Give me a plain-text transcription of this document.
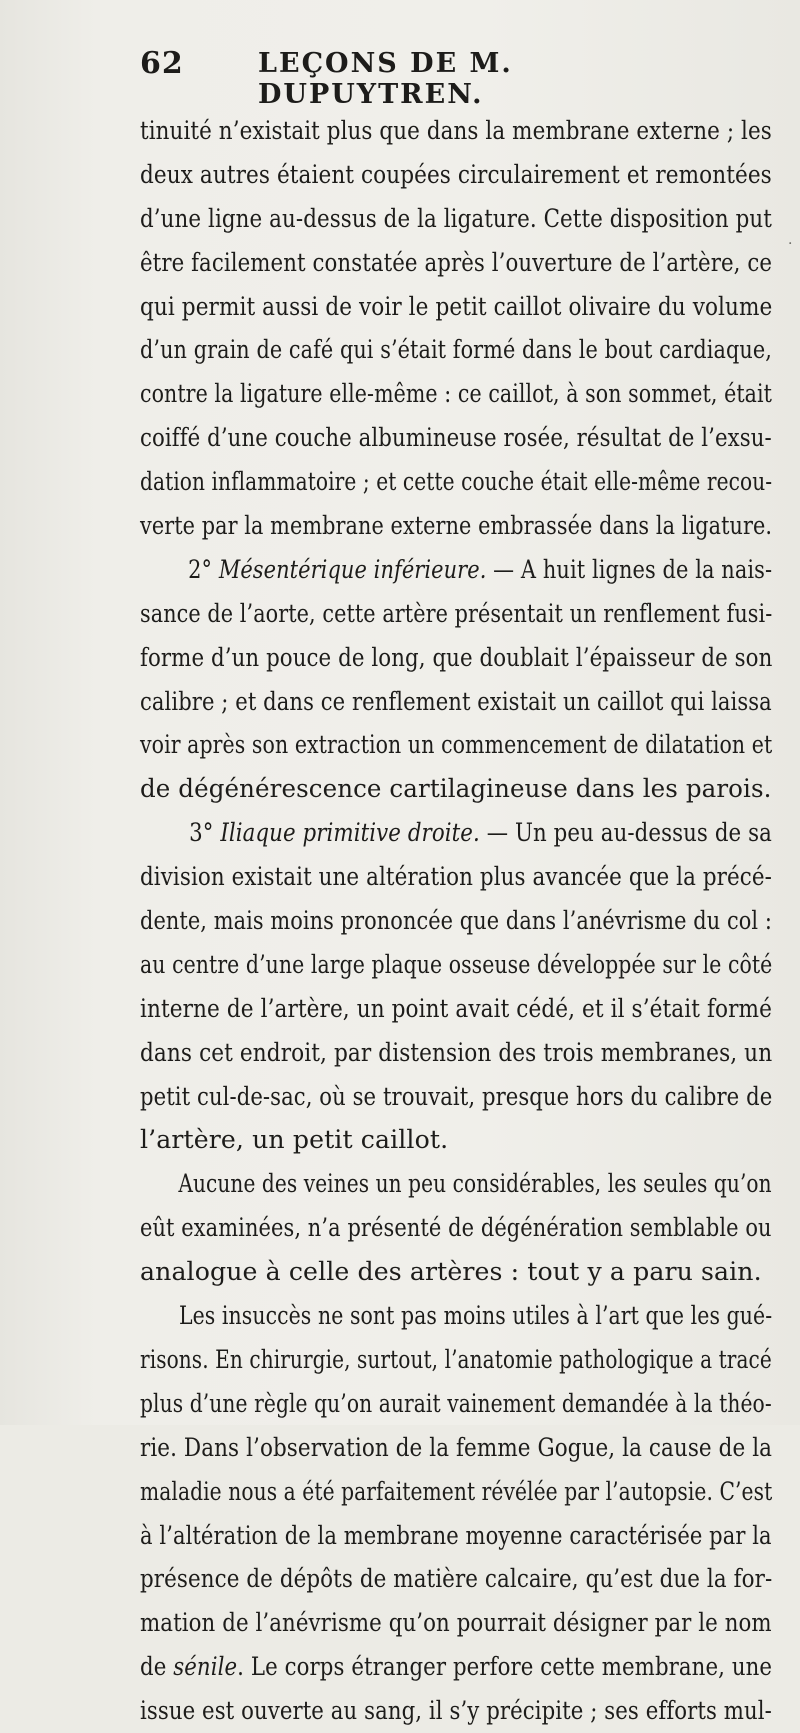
62	LEÇONS DE M. DUPUYTREN.
tinuité n’existait plus que dans la membrane externe ; les
deux autres étaient coupées circulairement et remontées
d’une ligne au-dessus de la ligature. Cette disposition put
être facilement constatée après l’ouverture de l’artère, ce
qui permit aussi de voir le petit caillot olivaire du volume
d’un grain de café qui s’était formé dans le bout cardiaque,
contre la ligature elle-même : ce caillot, à son sommet, était
coiffé d’une couche albumineuse rosée, résultat de l’exsu-
dation inflammatoire ; et cette couche était elle-même recou-
verte par la membrane externe embrassée dans la ligature.
2° Mésentérique inférieure. — A huit lignes de la nais-
sance de l’aorte, cette artère présentait un renflement fusi-
forme d’un pouce de long, que doublait l’épaisseur de son
calibre ; et dans ce renflement existait un caillot qui laissa
voir après son extraction un commencement de dilatation et
de dégénérescence cartilagineuse dans les parois.
3° Iliaque primitive droite. — Un peu au-dessus de sa
division existait une altération plus avancée que la précé-
dente, mais moins prononcée que dans l’anévrisme du col :
au centre d’une large plaque osseuse développée sur le côté
interne de l’artère, un point avait cédé, et il s’était formé
dans cet endroit, par distension des trois membranes, un
petit cul-de-sac, où se trouvait, presque hors du calibre de
l’artère, un petit caillot.
Aucune des veines un peu considérables, les seules qu’on
eût examinées, n’a présenté de dégénération semblable ou
analogue à celle des artères : tout y a paru sain.
Les insuccès ne sont pas moins utiles à l’art que les gué-
risons. En chirurgie, surtout, l’anatomie pathologique a tracé
plus d’une règle qu’on aurait vainement demandée à la théo-
rie. Dans l’observation de la femme Gogue, la cause de la
maladie nous a été parfaitement révélée par l’autopsie. C’est
à l’altération de la membrane moyenne caractérisée par la
présence de dépôts de matière calcaire, qu’est due la for-
mation de l’anévrisme qu’on pourrait désigner par le nom
de sénile. Le corps étranger perfore cette membrane, une
issue est ouverte au sang, il s’y précipite ; ses efforts mul-
·
